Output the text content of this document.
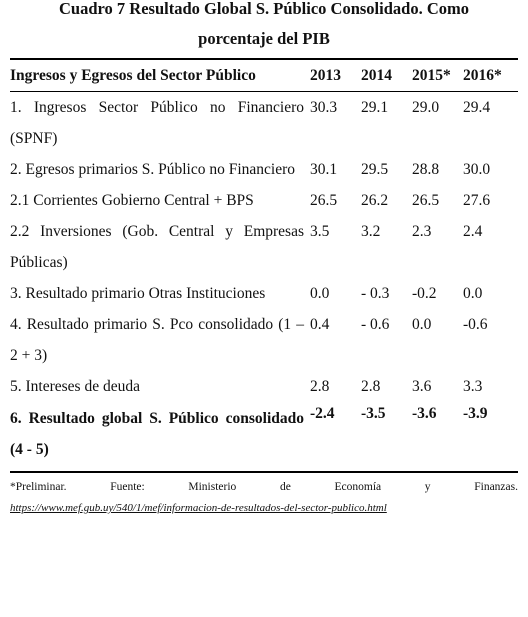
Cuadro 7 Resultado Global S. Público Consolidado. Como porcentaje del PIB
Ingresos y Egresos del Sector Público	2013	2014	2015*	2016*
1. Ingresos Sector Público no Financiero (SPNF)	30.3	29.1	29.0	29.4
2. Egresos primarios S. Público no Financiero	30.1	29.5	28.8	30.0
2.1 Corrientes Gobierno Central + BPS	26.5	26.2	26.5	27.6
2.2 Inversiones (Gob. Central y Empresas Públicas)	3.5	3.2	2.3	2.4
3. Resultado primario Otras Instituciones	0.0	- 0.3	-0.2	0.0
4. Resultado primario S. Pco consolidado (1 – 2 + 3)	0.4	- 0.6	0.0	-0.6
5. Intereses de deuda	2.8	2.8	3.6	3.3
6. Resultado global S. Público consolidado (4 - 5)	-2.4	-3.5	-3.6	-3.9
*Preliminar. Fuente: Ministerio de Economía y Finanzas.
https://www.mef.gub.uy/540/1/mef/informacion-de-resultados-del-sector-publico.html
